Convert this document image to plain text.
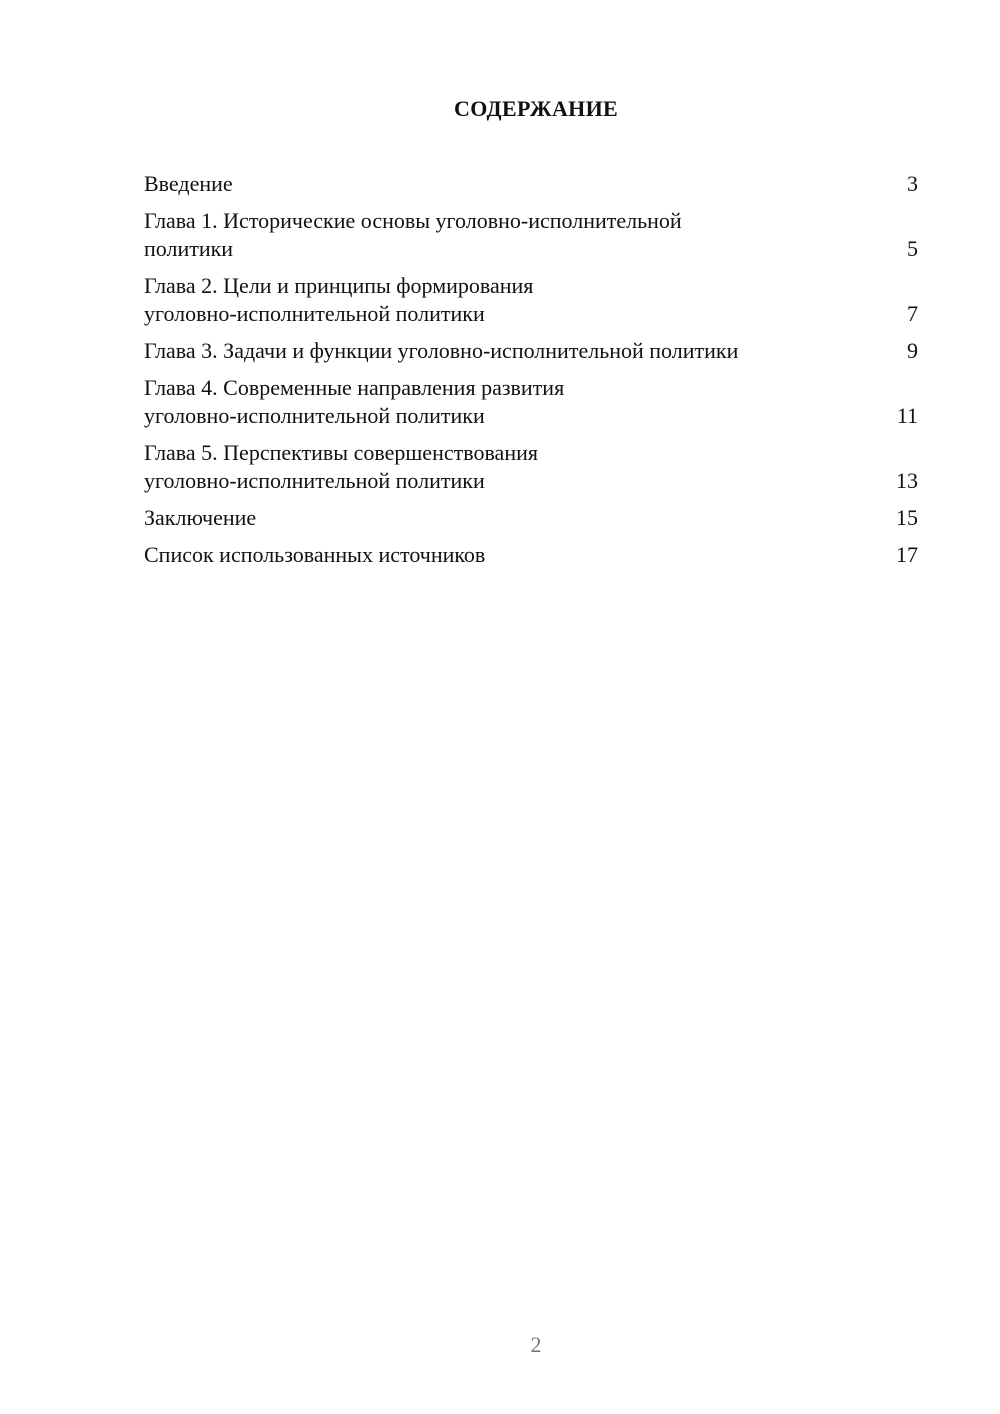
СОДЕРЖАНИЕ
Введение	3
Глава 1. Исторические основы уголовно-исполнительной
политики	5
Глава 2. Цели и принципы формирования
уголовно-исполнительной политики	7
Глава 3. Задачи и функции уголовно-исполнительной политики	9
Глава 4. Современные направления развития
уголовно-исполнительной политики	11
Глава 5. Перспективы совершенствования
уголовно-исполнительной политики	13
Заключение	15
Список использованных источников	17
2
